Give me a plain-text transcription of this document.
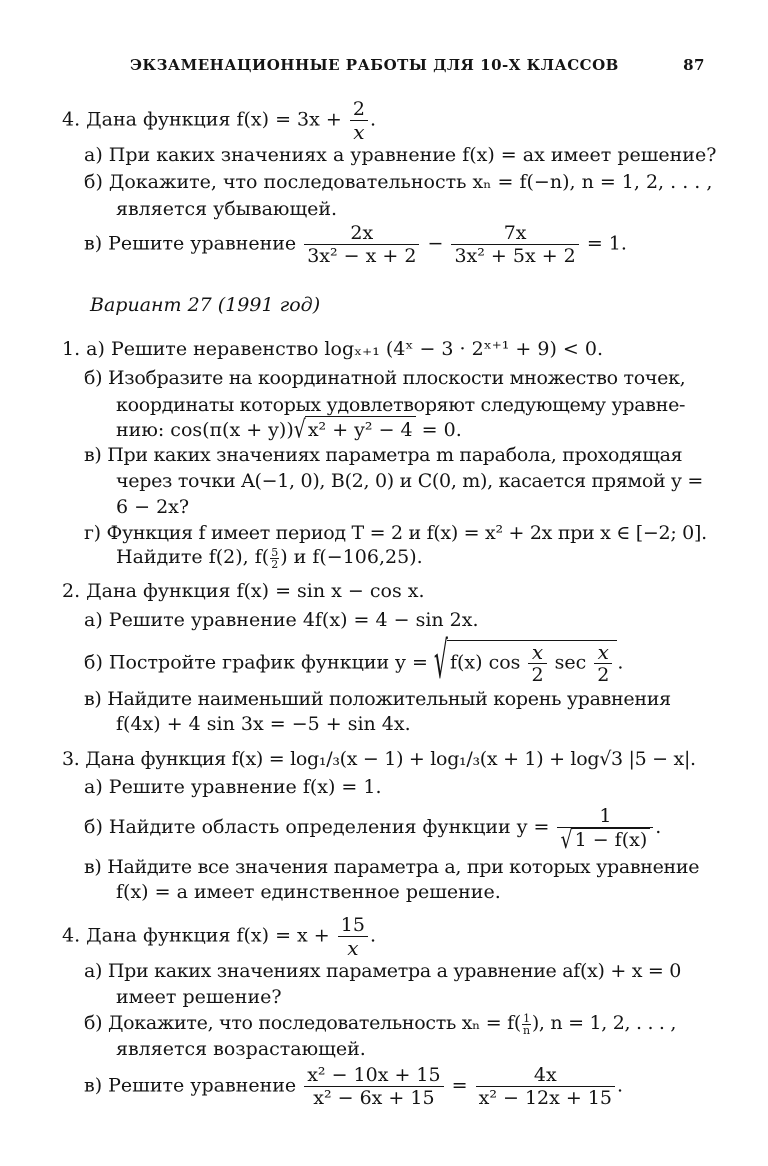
ЭКЗАМЕНАЦИОННЫЕ РАБОТЫ ДЛЯ 10-Х КЛАССОВ	87
4. Дана функция $f(x) = 3x + \frac{2}{x}$ .
а) При каких значениях a уравнение f(x) = ax имеет решение?
б) Докажите, что последовательность xₙ = f(−n), n = 1, 2, . . . ,
является убывающей.
в) Решите уравнение $\frac{2x}{\text{3x² − x + 2}} - \frac{7x}{\text{3x² + 5x + 2}} = 1$.
Вариант 27 (1991 год)
1. а) Решите неравенство logₓ₊₁ (4ˣ − 3 · 2ˣ⁺¹ + 9) < 0.
б) Изобразите на координатной плоскости множество точек,
координаты которых удовлетворяют следующему уравне-
нию: cos(π(x + y))√ x² + y² − 4 = 0.
в) При каких значениях параметра m парабола, проходящая
через точки A(−1, 0), B(2, 0) и C(0, m), касается прямой y =
6 − 2x?
г) Функция f имеет период T = 2 и f(x) = x² + 2x при x ∈ [−2; 0].
Найдите f(2), $f( \frac{5}{2}$ ) и f(−106,25).
2. Дана функция f(x) = sin x − cos x.
а) Решите уравнение 4f(x) = 4 − sin 2x.
б) Постройте график функции y = √ f(x) $\cos \frac{x}{2}$ $\sec \frac{x}{2}$ .
в) Найдите наименьший положительный корень уравнения
f(4x) + 4 sin 3x = −5 + sin 4x.
3. Дана функция f(x) = log₁/₃(x − 1) + log₁/₃(x + 1) + log√3 |5 − x|.
а) Решите уравнение f(x) = 1.
б) Найдите область определения функции $y = \frac{1}{√ 1 - f(x)}$ .
в) Найдите все значения параметра a, при которых уравнение
f(x) = a имеет единственное решение.
4. Дана функция $f(x) = x + \frac{15}{x}$ .
а) При каких значениях параметра a уравнение af(x) + x = 0
имеет решение?
б) Докажите, что последовательность $x_n = f( \frac{1}{n}$ ), n = 1, 2, . . . ,
является возрастающей.
в) Решите уравнение $\frac{\text{x² − 10x + 15}}{\text{x² − 6x + 15}} = \frac{4x}{\text{x² − 12x + 15}}$ .
